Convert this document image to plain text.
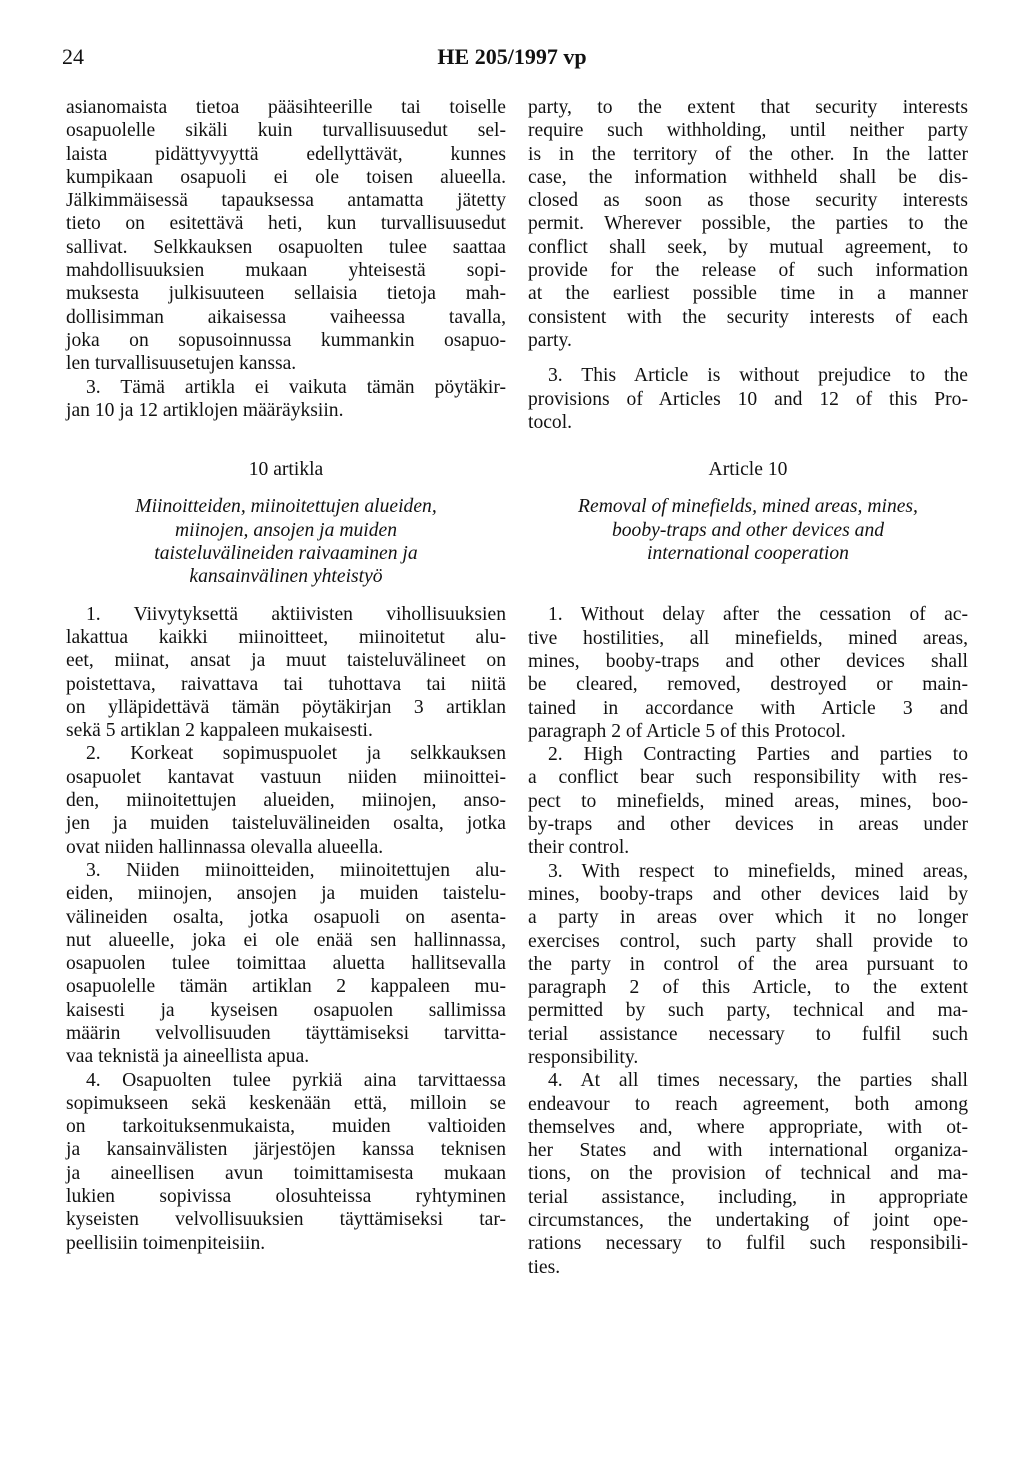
24	HE 205/1997 vp
asianomaista tietoa pääsihteerille tai toiselle
osapuolelle sikäli kuin turvallisuusedut sel-
laista pidättyvyyttä edellyttävät, kunnes
kumpikaan osapuoli ei ole toisen alueella.
Jälkimmäisessä tapauksessa antamatta jätetty
tieto on esitettävä heti, kun turvallisuusedut
sallivat. Selkkauksen osapuolten tulee saattaa
mahdollisuuksien mukaan yhteisestä sopi-
muksesta julkisuuteen sellaisia tietoja mah-
dollisimman aikaisessa vaiheessa tavalla,
joka on sopusoinnussa kummankin osapuo-
len turvallisuusetujen kanssa.
3. Tämä artikla ei vaikuta tämän pöytäkir-
jan 10 ja 12 artiklojen määräyksiin.
10 artikla
Miinoitteiden, miinoitettujen alueiden,
miinojen, ansojen ja muiden
taisteluvälineiden raivaaminen ja
kansainvälinen yhteistyö
1. Viivytyksettä aktiivisten vihollisuuksien
lakattua kaikki miinoitteet, miinoitetut alu-
eet, miinat, ansat ja muut taisteluvälineet on
poistettava, raivattava tai tuhottava tai niitä
on ylläpidettävä tämän pöytäkirjan 3 artiklan
sekä 5 artiklan 2 kappaleen mukaisesti.
2. Korkeat sopimuspuolet ja selkkauksen
osapuolet kantavat vastuun niiden miinoittei-
den, miinoitettujen alueiden, miinojen, anso-
jen ja muiden taisteluvälineiden osalta, jotka
ovat niiden hallinnassa olevalla alueella.
3. Niiden miinoitteiden, miinoitettujen alu-
eiden, miinojen, ansojen ja muiden taistelu-
välineiden osalta, jotka osapuoli on asenta-
nut alueelle, joka ei ole enää sen hallinnassa,
osapuolen tulee toimittaa aluetta hallitsevalla
osapuolelle tämän artiklan 2 kappaleen mu-
kaisesti ja kyseisen osapuolen sallimissa
määrin velvollisuuden täyttämiseksi tarvitta-
vaa teknistä ja aineellista apua.
4. Osapuolten tulee pyrkiä aina tarvittaessa
sopimukseen sekä keskenään että, milloin se
on tarkoituksenmukaista, muiden valtioiden
ja kansainvälisten järjestöjen kanssa teknisen
ja aineellisen avun toimittamisesta mukaan
lukien sopivissa olosuhteissa ryhtyminen
kyseisten velvollisuuksien täyttämiseksi tar-
peellisiin toimenpiteisiin.
party, to the extent that security interests
require such withholding, until neither party
is in the territory of the other. In the latter
case, the information withheld shall be dis-
closed as soon as those security interests
permit. Wherever possible, the parties to the
conflict shall seek, by mutual agreement, to
provide for the release of such information
at the earliest possible time in a manner
consistent with the security interests of each
party.
3. This Article is without prejudice to the
provisions of Articles 10 and 12 of this Pro-
tocol.
Article 10
Removal of minefields, mined areas, mines,
booby-traps and other devices and
international cooperation
1. Without delay after the cessation of ac-
tive hostilities, all minefields, mined areas,
mines, booby-traps and other devices shall
be cleared, removed, destroyed or main-
tained in accordance with Article 3 and
paragraph 2 of Article 5 of this Protocol.
2. High Contracting Parties and parties to
a conflict bear such responsibility with res-
pect to minefields, mined areas, mines, boo-
by-traps and other devices in areas under
their control.
3. With respect to minefields, mined areas,
mines, booby-traps and other devices laid by
a party in areas over which it no longer
exercises control, such party shall provide to
the party in control of the area pursuant to
paragraph 2 of this Article, to the extent
permitted by such party, technical and ma-
terial assistance necessary to fulfil such
responsibility.
4. At all times necessary, the parties shall
endeavour to reach agreement, both among
themselves and, where appropriate, with ot-
her States and with international organiza-
tions, on the provision of technical and ma-
terial assistance, including, in appropriate
circumstances, the undertaking of joint ope-
rations necessary to fulfil such responsibili-
ties.
